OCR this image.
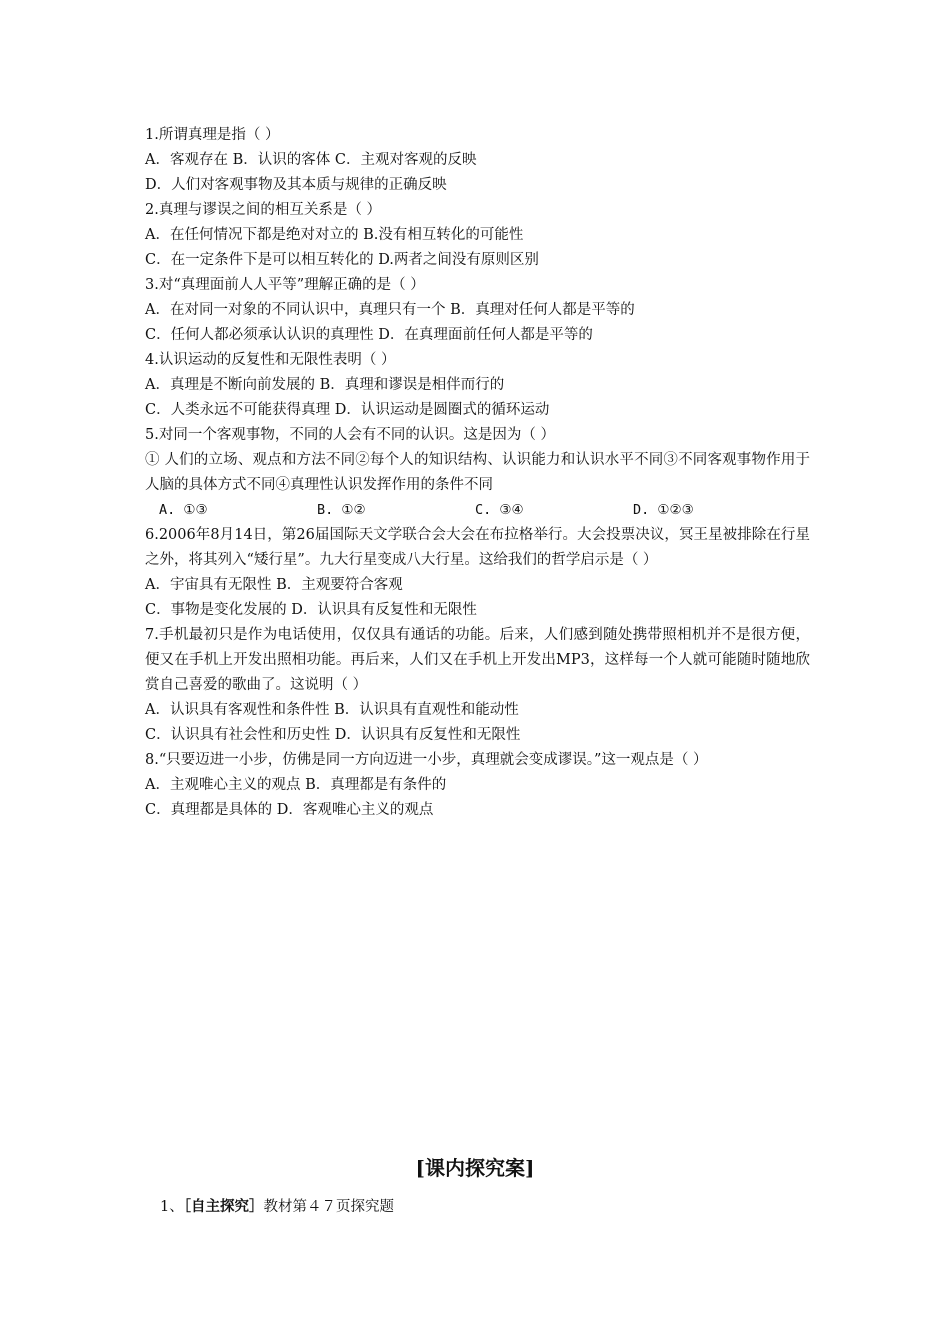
1.所谓真理是指（ ）
A．客观存在 B．认识的客体 C．主观对客观的反映
D．人们对客观事物及其本质与规律的正确反映
2.真理与谬误之间的相互关系是（ ）
A．在任何情况下都是绝对对立的 B.没有相互转化的可能性
C．在一定条件下是可以相互转化的 D.两者之间没有原则区别
3.对“真理面前人人平等”理解正确的是（ ）
A．在对同一对象的不同认识中，真理只有一个 B．真理对任何人都是平等的
C．任何人都必须承认认识的真理性 D．在真理面前任何人都是平等的
4.认识运动的反复性和无限性表明（ ）
A．真理是不断向前发展的 B．真理和谬误是相伴而行的
C．人类永远不可能获得真理 D．认识运动是圆圈式的循环运动
5.对同一个客观事物，不同的人会有不同的认识。这是因为（ ）
① 人们的立场、观点和方法不同②每个人的知识结构、认识能力和认识水平不同③不同客观事物作用于人脑的具体方式不同④真理性认识发挥作用的条件不同
A. ①③	B. ①②	C. ③④	D. ①②③
6.2006年8月14日，第26届国际天文学联合会大会在布拉格举行。大会投票决议，冥王星被排除在行星之外，将其列入“矮行星”。九大行星变成八大行星。这给我们的哲学启示是（ ）
A．宇宙具有无限性 B．主观要符合客观
C．事物是变化发展的 D．认识具有反复性和无限性
7.手机最初只是作为电话使用，仅仅具有通话的功能。后来，人们感到随处携带照相机并不是很方便，便又在手机上开发出照相功能。再后来，人们又在手机上开发出MP3，这样每一个人就可能随时随地欣赏自己喜爱的歌曲了。这说明（ ）
A．认识具有客观性和条件性 B．认识具有直观性和能动性
C．认识具有社会性和历史性 D．认识具有反复性和无限性
8.“只要迈进一小步，仿佛是同一方向迈进一小步，真理就会变成谬误。”这一观点是（ ）
A．主观唯心主义的观点 B．真理都是有条件的
C．真理都是具体的 D．客观唯心主义的观点
[课内探究案]
1、［自主探究］教材第４７页探究题
